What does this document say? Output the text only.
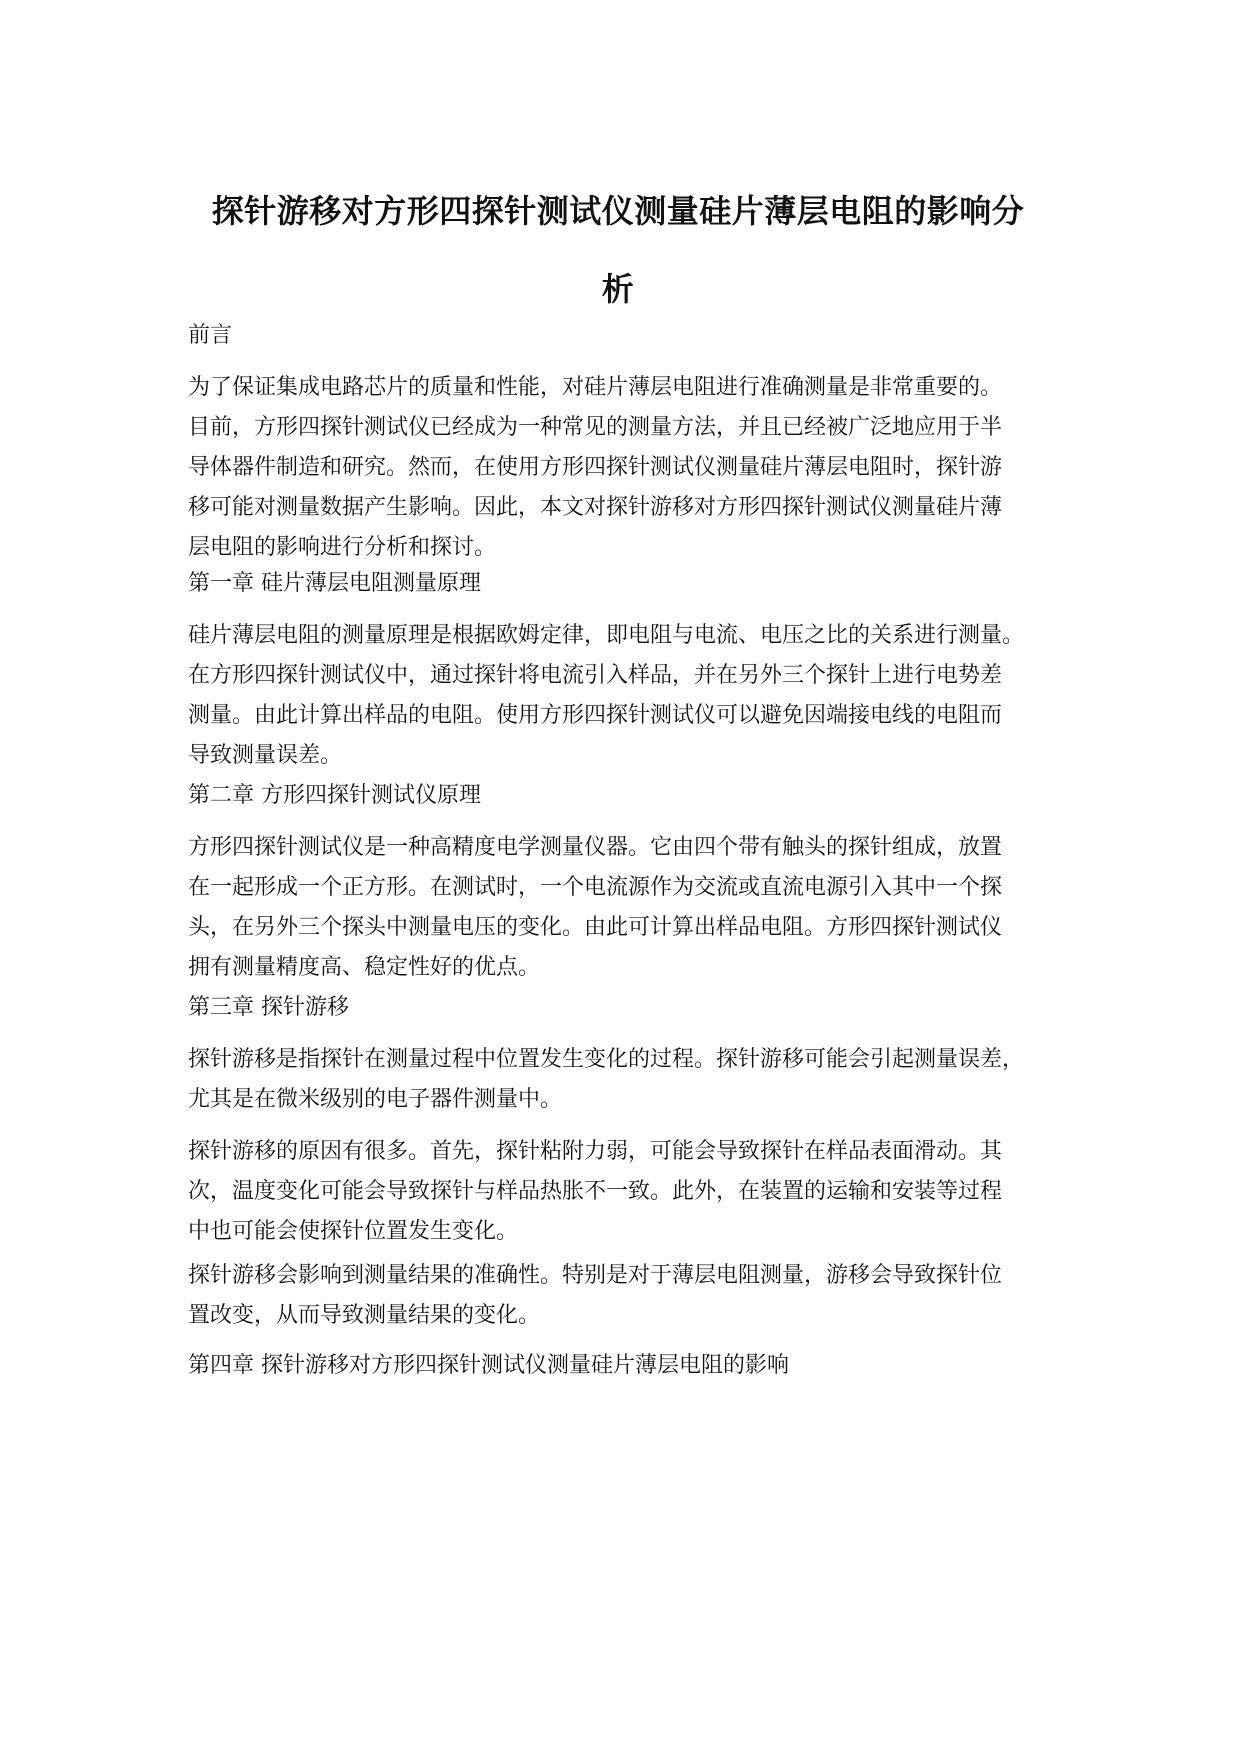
探针游移对方形四探针测试仪测量硅片薄层电阻的影响分
析

前言

为了保证集成电路芯片的质量和性能，对硅片薄层电阻进行准确测量是非常重要的。
目前，方形四探针测试仪已经成为一种常见的测量方法，并且已经被广泛地应用于半
导体器件制造和研究。然而，在使用方形四探针测试仪测量硅片薄层电阻时，探针游
移可能对测量数据产生影响。因此，本文对探针游移对方形四探针测试仪测量硅片薄
层电阻的影响进行分析和探讨。

第一章 硅片薄层电阻测量原理

硅片薄层电阻的测量原理是根据欧姆定律，即电阻与电流、电压之比的关系进行测量。
在方形四探针测试仪中，通过探针将电流引入样品，并在另外三个探针上进行电势差
测量。由此计算出样品的电阻。使用方形四探针测试仪可以避免因端接电线的电阻而
导致测量误差。

第二章 方形四探针测试仪原理

方形四探针测试仪是一种高精度电学测量仪器。它由四个带有触头的探针组成，放置
在一起形成一个正方形。在测试时，一个电流源作为交流或直流电源引入其中一个探
头，在另外三个探头中测量电压的变化。由此可计算出样品电阻。方形四探针测试仪
拥有测量精度高、稳定性好的优点。

第三章 探针游移

探针游移是指探针在测量过程中位置发生变化的过程。探针游移可能会引起测量误差，
尤其是在微米级别的电子器件测量中。

探针游移的原因有很多。首先，探针粘附力弱，可能会导致探针在样品表面滑动。其
次，温度变化可能会导致探针与样品热胀不一致。此外，在装置的运输和安装等过程
中也可能会使探针位置发生变化。

探针游移会影响到测量结果的准确性。特别是对于薄层电阻测量，游移会导致探针位
置改变，从而导致测量结果的变化。

第四章 探针游移对方形四探针测试仪测量硅片薄层电阻的影响
